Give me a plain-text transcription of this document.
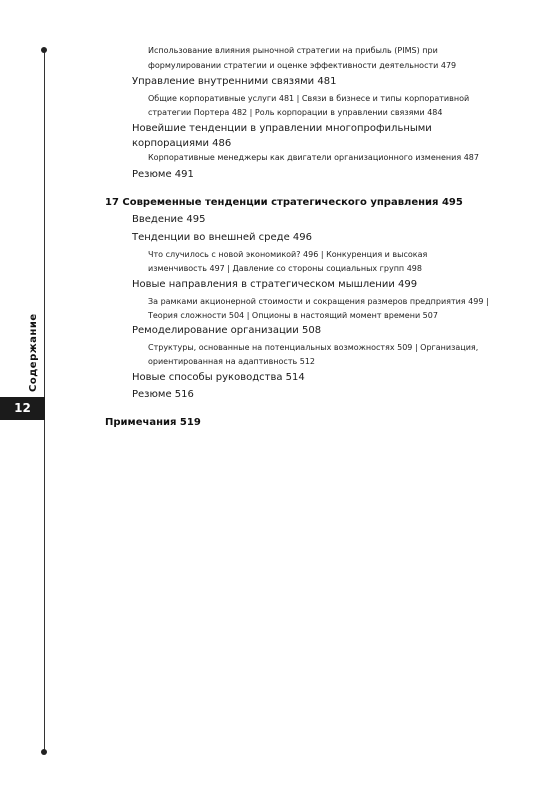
Содержание
12
Использование влияния рыночной стратегии на прибыль (PIMS) при
формулировании стратегии и оценке эффективности деятельности 479
Управление внутренними связями 481
Общие корпоративные услуги 481 | Связи в бизнесе и типы корпоративной
стратегии Портера 482 | Роль корпорации в управлении связями 484
Новейшие тенденции в управлении многопрофильными
корпорациями 486
Корпоративные менеджеры как двигатели организационного изменения 487
Резюме 491
17 Современные тенденции стратегического управления 495
Введение 495
Тенденции во внешней среде 496
Что случилось с новой экономикой? 496 | Конкуренция и высокая
изменчивость 497 | Давление со стороны социальных групп 498
Новые направления в стратегическом мышлении 499
За рамками акционерной стоимости и сокращения размеров предприятия 499 |
Теория сложности 504 | Опционы в настоящий момент времени 507
Ремоделирование организации 508
Структуры, основанные на потенциальных возможностях 509 | Организация,
ориентированная на адаптивность 512
Новые способы руководства 514
Резюме 516
Примечания 519
